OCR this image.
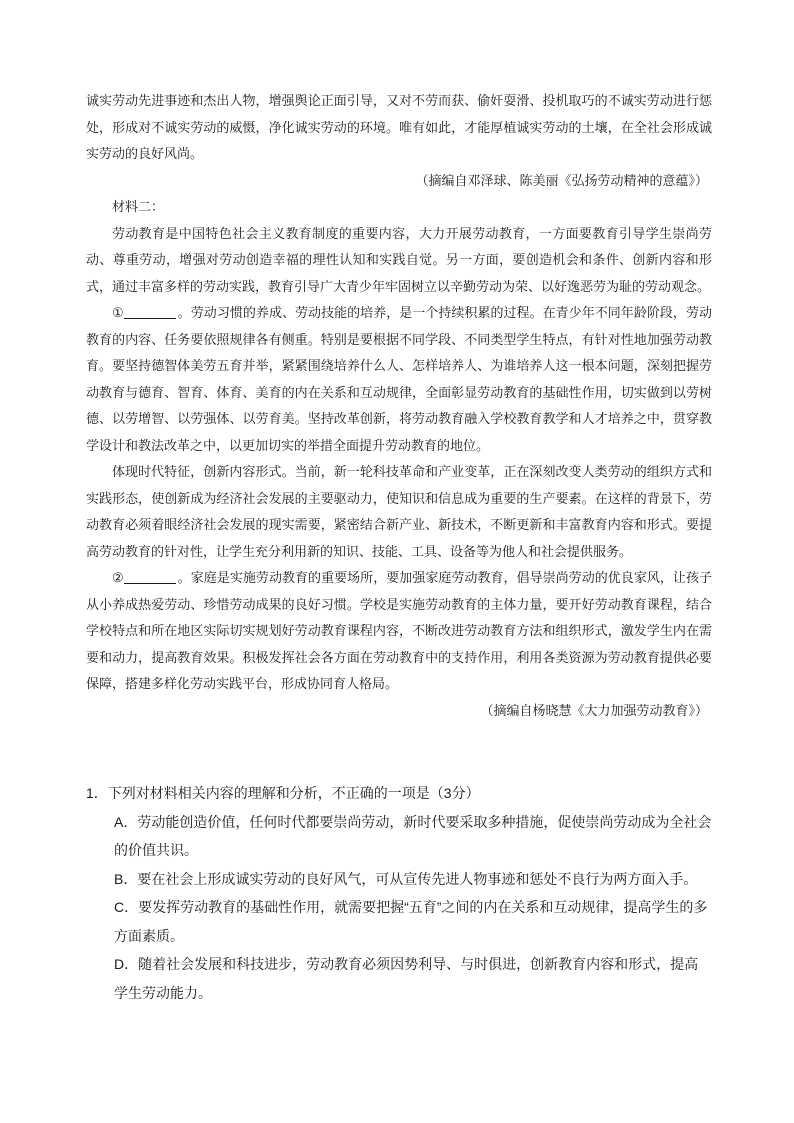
诚实劳动先进事迹和杰出人物，增强舆论正面引导，又对不劳而获、偷奸耍滑、投机取巧的不诚实劳动进行惩处，形成对不诚实劳动的威慑，净化诚实劳动的环境。唯有如此，才能厚植诚实劳动的土壤，在全社会形成诚实劳动的良好风尚。

（摘编自邓泽球、陈美丽《弘扬劳动精神的意蕴》）

材料二：

劳动教育是中国特色社会主义教育制度的重要内容，大力开展劳动教育，一方面要教育引导学生崇尚劳动、尊重劳动，增强对劳动创造幸福的理性认知和实践自觉。另一方面，要创造机会和条件、创新内容和形式，通过丰富多样的劳动实践，教育引导广大青少年牢固树立以辛勤劳动为荣、以好逸恶劳为耻的劳动观念。

①	。劳动习惯的养成、劳动技能的培养，是一个持续积累的过程。在青少年不同年龄阶段，劳动教育的内容、任务要依照规律各有侧重。特别是要根据不同学段、不同类型学生特点，有针对性地加强劳动教育。要坚持德智体美劳五育并举，紧紧围绕培养什么人、怎样培养人、为谁培养人这一根本问题，深刻把握劳动教育与德育、智育、体育、美育的内在关系和互动规律，全面彰显劳动教育的基础性作用，切实做到以劳树德、以劳增智、以劳强体、以劳育美。坚持改革创新，将劳动教育融入学校教育教学和人才培养之中，贯穿教学设计和教法改革之中，以更加切实的举措全面提升劳动教育的地位。

体现时代特征，创新内容形式。当前，新一轮科技革命和产业变革，正在深刻改变人类劳动的组织方式和实践形态，使创新成为经济社会发展的主要驱动力，使知识和信息成为重要的生产要素。在这样的背景下，劳动教育必须着眼经济社会发展的现实需要，紧密结合新产业、新技术，不断更新和丰富教育内容和形式。要提高劳动教育的针对性，让学生充分利用新的知识、技能、工具、设备等为他人和社会提供服务。

②	。家庭是实施劳动教育的重要场所，要加强家庭劳动教育，倡导崇尚劳动的优良家风，让孩子从小养成热爱劳动、珍惜劳动成果的良好习惯。学校是实施劳动教育的主体力量，要开好劳动教育课程，结合学校特点和所在地区实际切实规划好劳动教育课程内容，不断改进劳动教育方法和组织形式，激发学生内在需要和动力，提高教育效果。积极发挥社会各方面在劳动教育中的支持作用，利用各类资源为劳动教育提供必要保障，搭建多样化劳动实践平台，形成协同育人格局。

（摘编自杨晓慧《大力加强劳动教育》）

1．下列对材料相关内容的理解和分析，不正确的一项是（3分）

A．劳动能创造价值，任何时代都要崇尚劳动，新时代要采取多种措施，促使崇尚劳动成为全社会的价值共识。

B．要在社会上形成诚实劳动的良好风气，可从宣传先进人物事迹和惩处不良行为两方面入手。

C．要发挥劳动教育的基础性作用，就需要把握“五育”之间的内在关系和互动规律，提高学生的多方面素质。

D．随着社会发展和科技进步，劳动教育必须因势利导、与时俱进，创新教育内容和形式，提高学生劳动能力。
